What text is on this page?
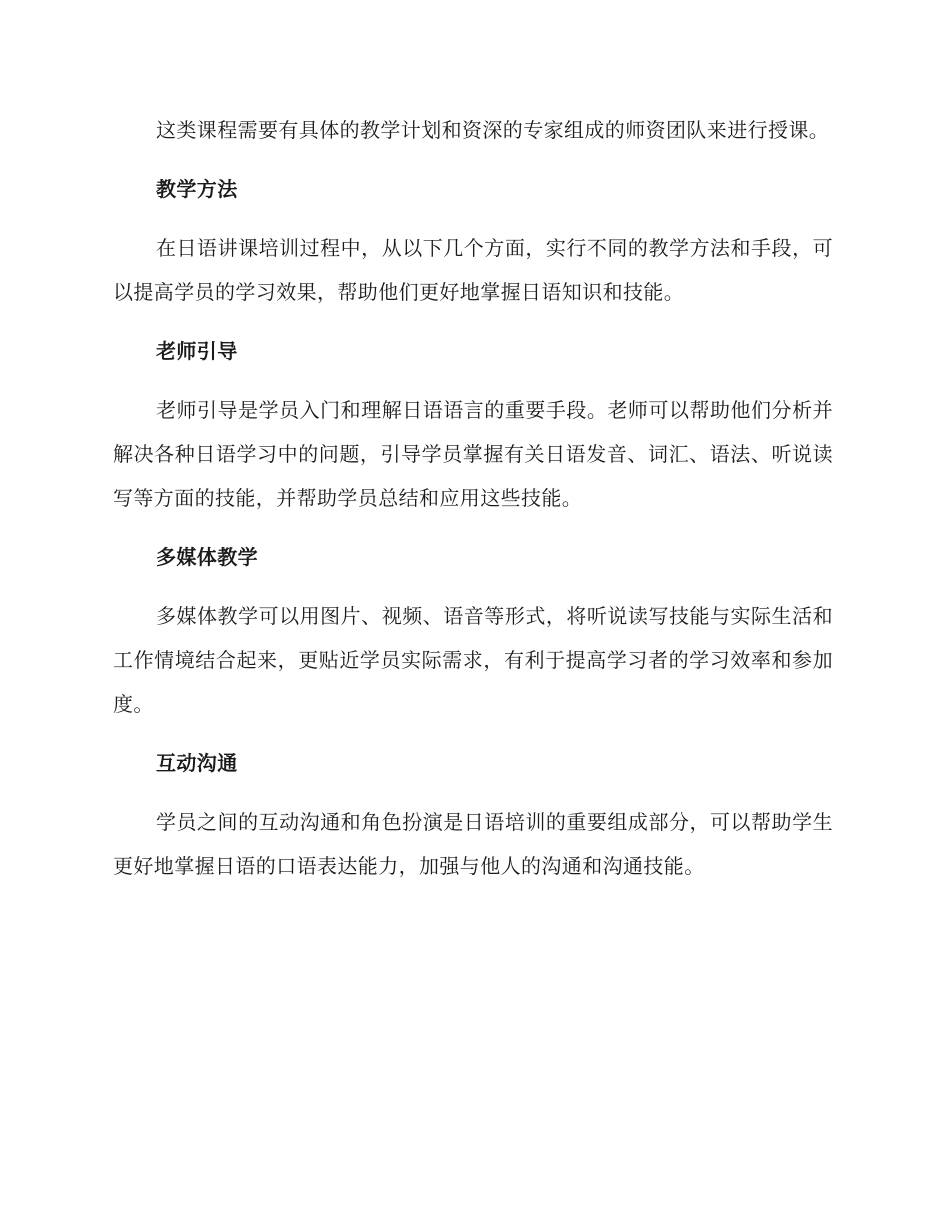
这类课程需要有具体的教学计划和资深的专家组成的师资团队来进行授课。

教学方法

在日语讲课培训过程中，从以下几个方面，实行不同的教学方法和手段，可以提高学员的学习效果，帮助他们更好地掌握日语知识和技能。

老师引导

老师引导是学员入门和理解日语语言的重要手段。老师可以帮助他们分析并解决各种日语学习中的问题，引导学员掌握有关日语发音、词汇、语法、听说读写等方面的技能，并帮助学员总结和应用这些技能。

多媒体教学

多媒体教学可以用图片、视频、语音等形式，将听说读写技能与实际生活和工作情境结合起来，更贴近学员实际需求，有利于提高学习者的学习效率和参加度。

互动沟通

学员之间的互动沟通和角色扮演是日语培训的重要组成部分，可以帮助学生更好地掌握日语的口语表达能力，加强与他人的沟通和沟通技能。
